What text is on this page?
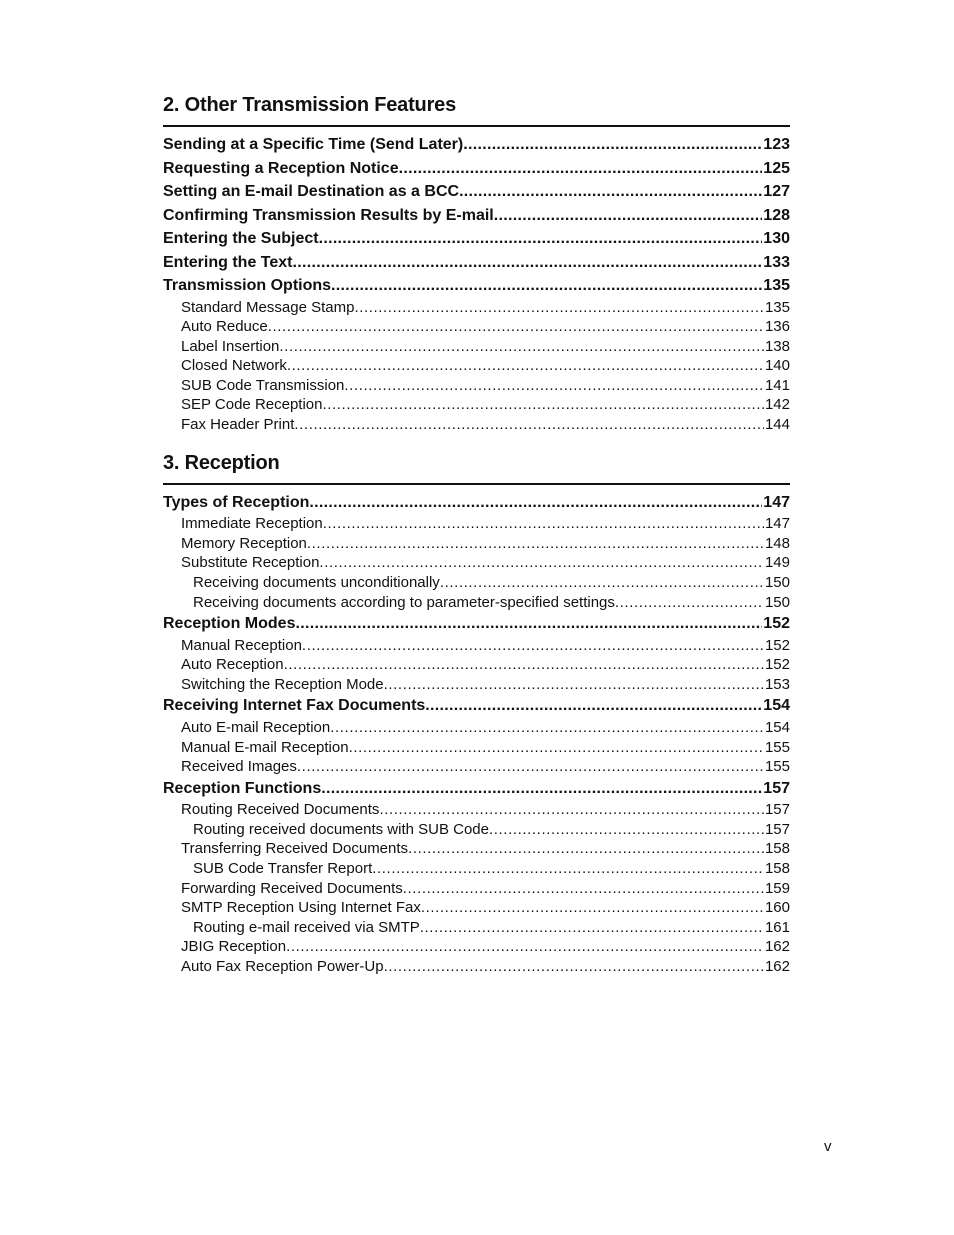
2. Other Transmission Features
Sending at a Specific Time (Send Later) .....	123
Requesting a Reception Notice .....	125
Setting an E-mail Destination as a BCC .....	127
Confirming Transmission Results by E-mail .....	128
Entering the Subject .....	130
Entering the Text .....	133
Transmission Options .....	135
Standard Message Stamp .....	135
Auto Reduce .....	136
Label Insertion .....	138
Closed Network .....	140
SUB Code Transmission .....	141
SEP Code Reception .....	142
Fax Header Print .....	144
3. Reception
Types of Reception .....	147
Immediate Reception .....	147
Memory Reception .....	148
Substitute Reception .....	149
Receiving documents unconditionally .....	150
Receiving documents according to parameter-specified settings .....	150
Reception Modes .....	152
Manual Reception .....	152
Auto Reception .....	152
Switching the Reception Mode .....	153
Receiving Internet Fax Documents .....	154
Auto E-mail Reception .....	154
Manual E-mail Reception .....	155
Received Images .....	155
Reception Functions .....	157
Routing Received Documents .....	157
Routing received documents with SUB Code .....	157
Transferring Received Documents .....	158
SUB Code Transfer Report .....	158
Forwarding Received Documents .....	159
SMTP Reception Using Internet Fax .....	160
Routing e-mail received via SMTP .....	161
JBIG Reception .....	162
Auto Fax Reception Power-Up .....	162
v
